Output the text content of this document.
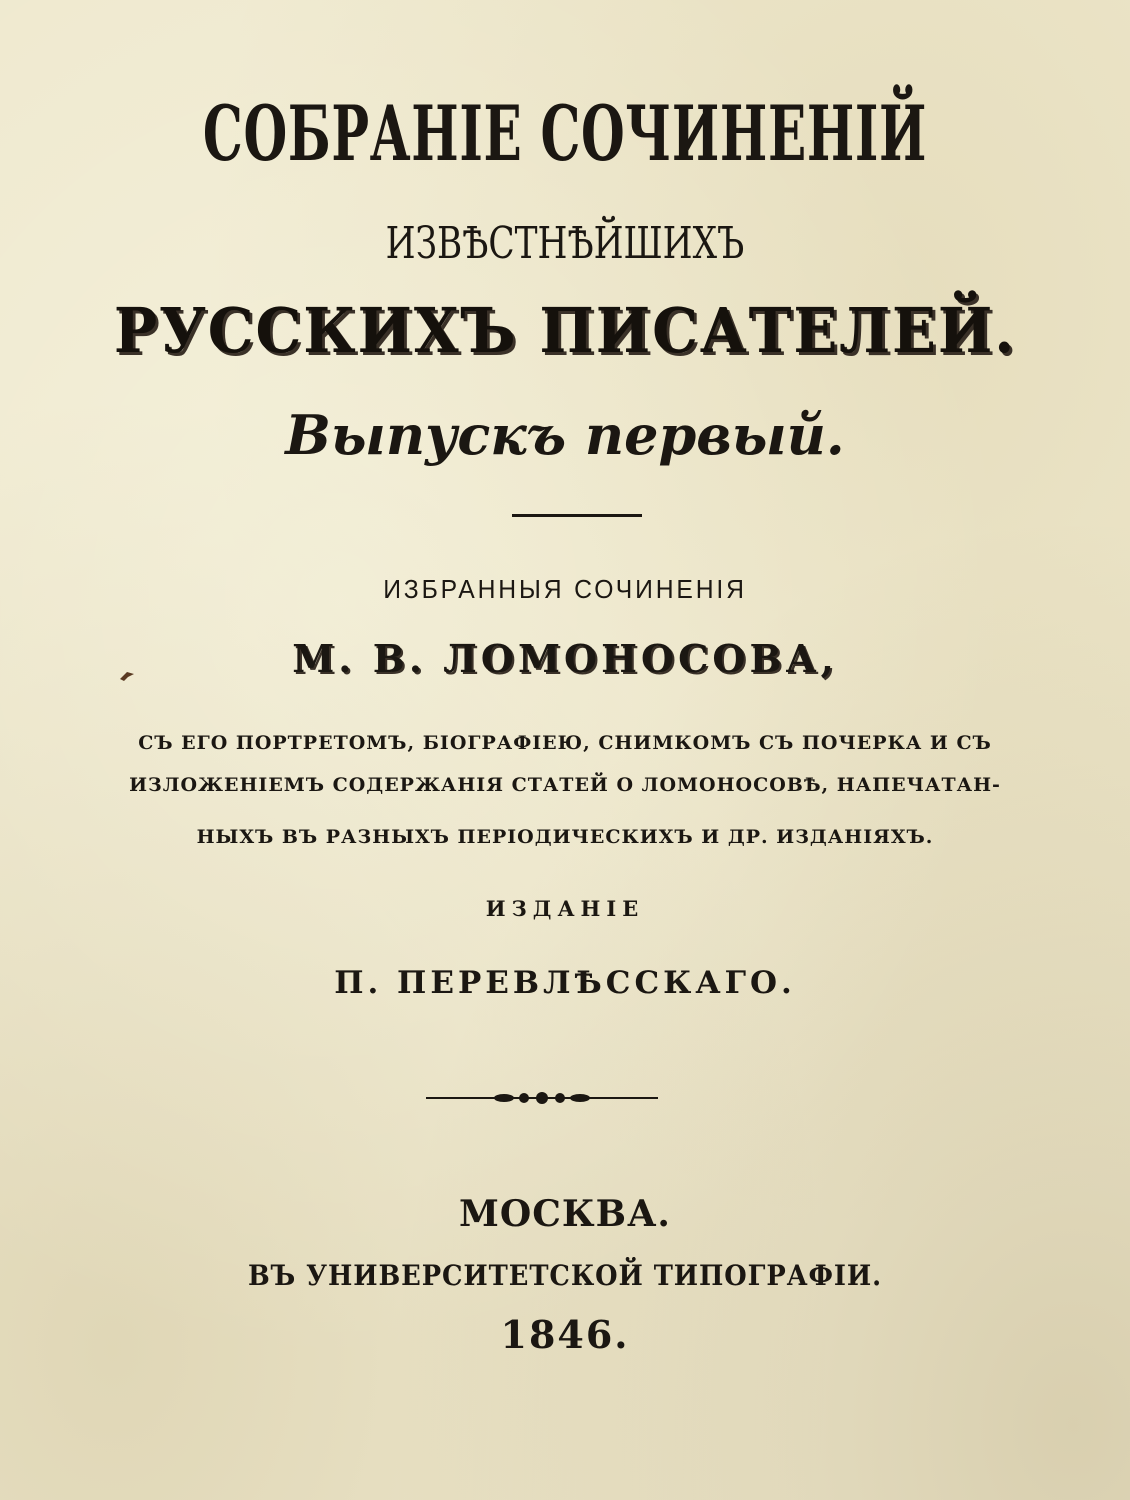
СОБРАНІЕ СОЧИНЕНІЙ
ИЗВѢСТНѢЙШИХЪ
РУССКИХЪ ПИСАТЕЛЕЙ.
Выпускъ первый.
ИЗБРАННЫЯ СОЧИНЕНІЯ
М. В. ЛОМОНОСОВА,
СЪ ЕГО ПОРТРЕТОМЪ, БІОГРАФІЕЮ, СНИМКОМЪ СЪ ПОЧЕРКА И СЪ
ИЗЛОЖЕНІЕМЪ СОДЕРЖАНІЯ СТАТЕЙ О ЛОМОНОСОВѢ, НАПЕЧАТАН-
НЫХЪ ВЪ РАЗНЫХЪ ПЕРІОДИЧЕСКИХЪ И ДР. ИЗДАНІЯХЪ.
ИЗДАНІЕ
П. ПЕРЕВЛѢССКАГО.
МОСКВА.
ВЪ УНИВЕРСИТЕТСКОЙ ТИПОГРАФІИ.
1846.
